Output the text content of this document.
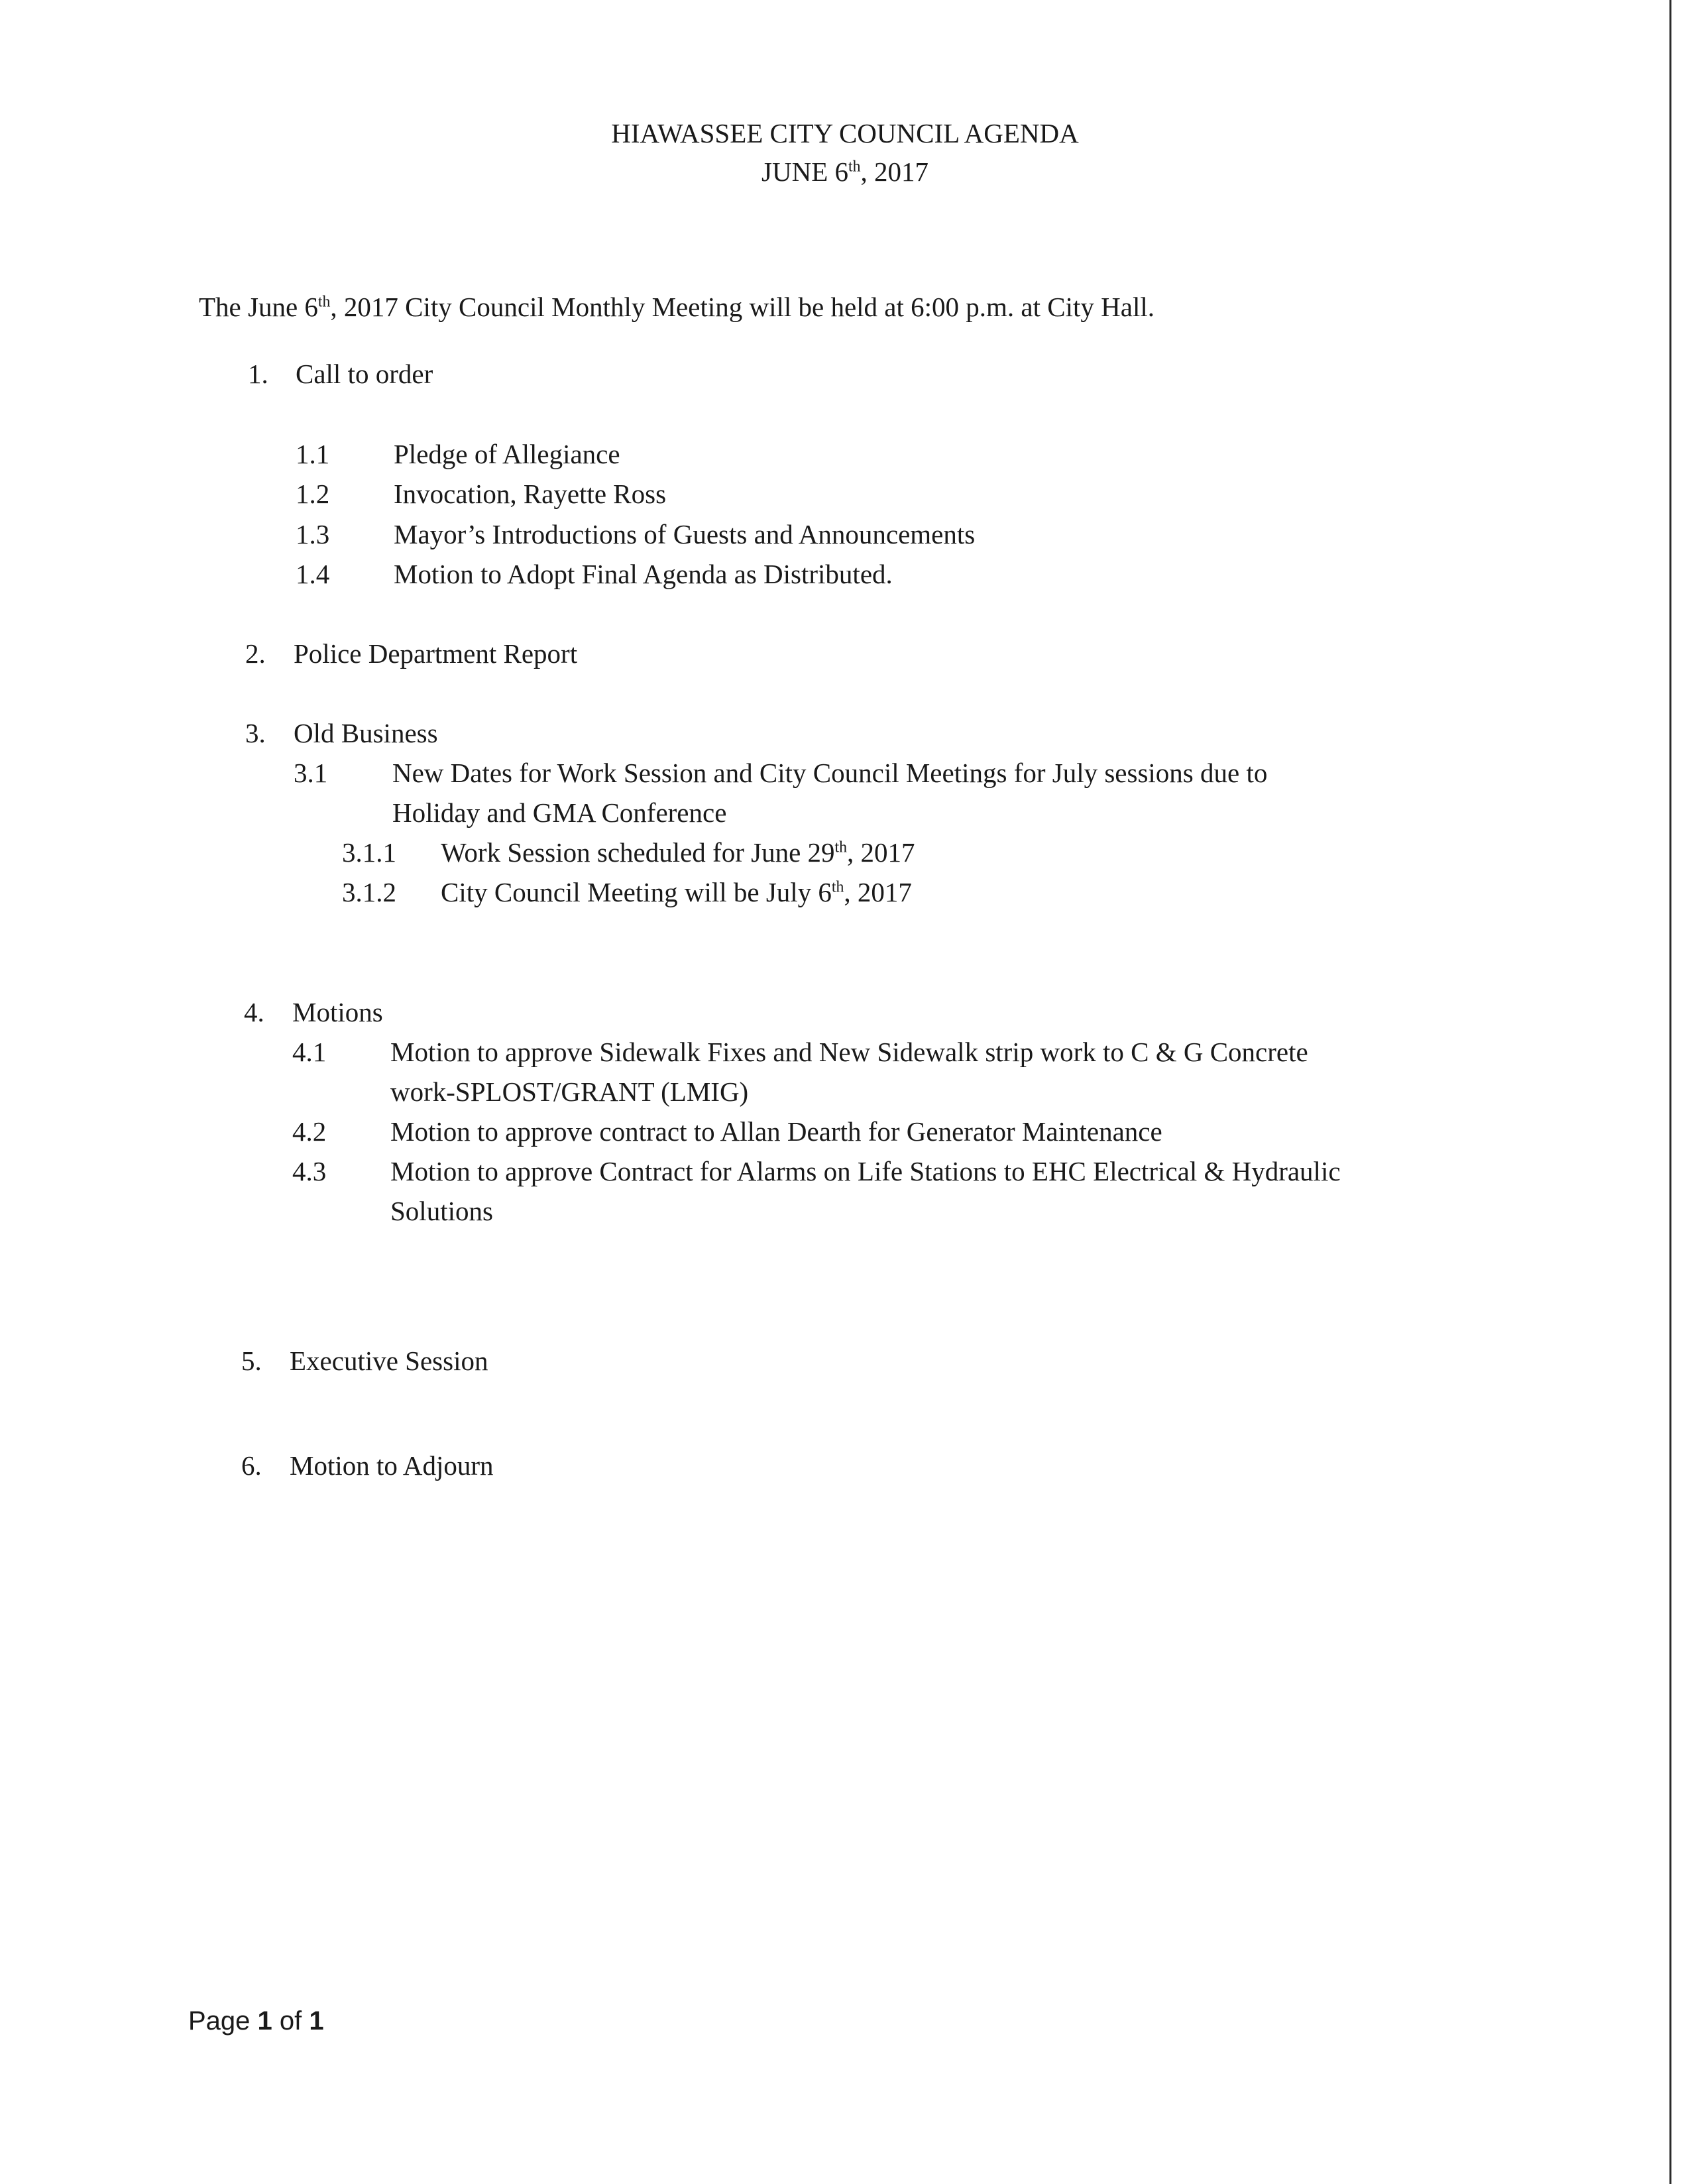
HIAWASSEE CITY COUNCIL AGENDA
JUNE 6th, 2017
The June 6th, 2017 City Council Monthly Meeting will be held at 6:00 p.m. at City Hall.
1. Call to order
1.1 Pledge of Allegiance
1.2 Invocation, Rayette Ross
1.3 Mayor’s Introductions of Guests and Announcements
1.4 Motion to Adopt Final Agenda as Distributed.
2. Police Department Report
3. Old Business
3.1 New Dates for Work Session and City Council Meetings for July sessions due to
Holiday and GMA Conference
3.1.1 Work Session scheduled for June 29th, 2017
3.1.2 City Council Meeting will be July 6th, 2017
4. Motions
4.1 Motion to approve Sidewalk Fixes and New Sidewalk strip work to C & G Concrete
work-SPLOST/GRANT (LMIG)
4.2 Motion to approve contract to Allan Dearth for Generator Maintenance
4.3 Motion to approve Contract for Alarms on Life Stations to EHC Electrical & Hydraulic
Solutions
5. Executive Session
6. Motion to Adjourn
Page 1 of 1
